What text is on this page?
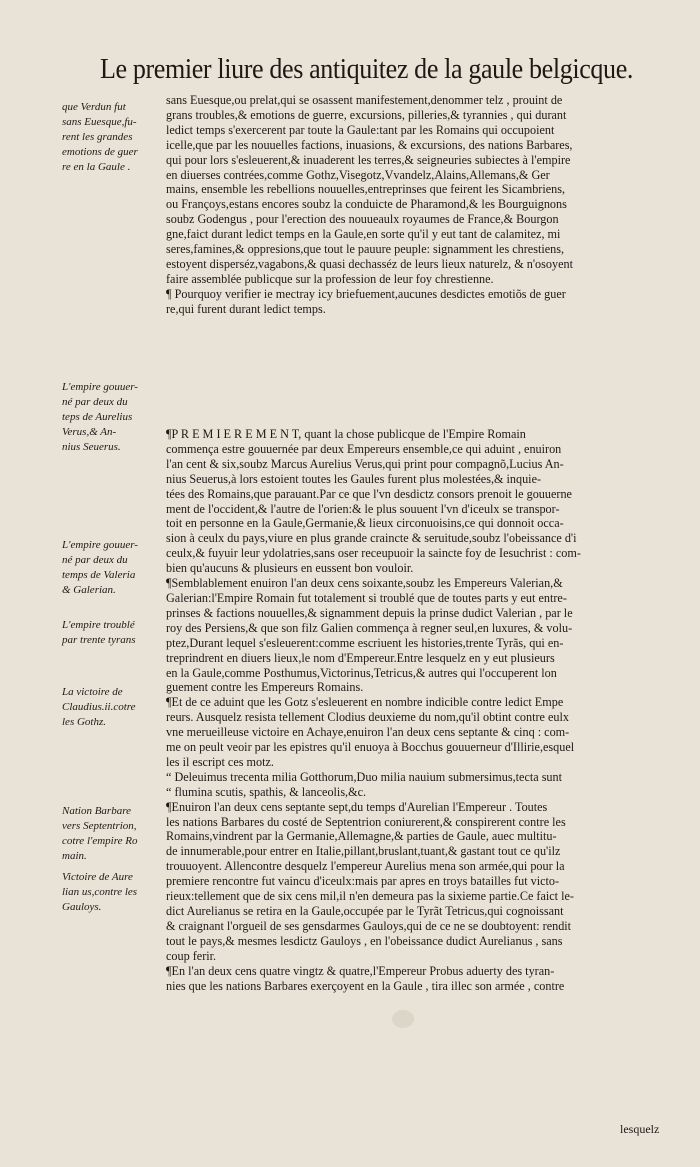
Le premier liure des antiquitez de la gaule belgicque.
que Verdun fut
sans Euesque,fu-
rent les grandes
emotions de guer
re en la Gaule .
L'empire gouuer-
né par deux du
teps de Aurelius
Verus,& An-
nius Seuerus.
L'empire gouuer-
né par deux du
temps de Valeria
& Galerian.
L'empire troublé
par trente tyrans
La victoire de
Claudius.ii.cotre
les Gothz.
Nation Barbare
vers Septentrion,
cotre l'empire Ro
main.
Victoire de Aure
lian us,contre les
Gauloys.
sans Euesque,ou prelat,qui se osassent manifestement,denommer telz , prouint de
grans troubles,& emotions de guerre, excursions, pilleries,& tyrannies , qui durant
ledict temps s'exercerent par toute la Gaule:tant par les Romains qui occupoient
icelle,que par les nouuelles factions, inuasions, & excursions, des nations Barbares,
qui pour lors s'esleuerent,& inuaderent les terres,& seigneuries subiectes à l'empire
en diuerses contrées,comme Gothz,Visegotz,Vvandelz,Alains,Allemans,& Ger
mains, ensemble les rebellions nouuelles,entreprinses que feirent les Sicambriens,
ou Françoys,estans encores soubz la conduicte de Pharamond,& les Bourguignons
soubz Godengus , pour l'erection des nouueaulx royaumes de France,& Bourgon
gne,faict durant ledict temps en la Gaule,en sorte qu'il y eut tant de calamitez, mi
seres,famines,& oppresions,que tout le pauure peuple: signamment les chrestiens,
estoyent disperséz,vagabons,& quasi dechasséz de leurs lieux naturelz, & n'osoyent
faire assemblée publicque sur la profession de leur foy chrestienne.
¶ Pourquoy verifier ie mectray icy briefuement,aucunes desdictes emotiõs de guer
re,qui furent durant ledict temps.
¶P R E M I E R E M E N T, quant la chose publicque de l'Empire Romain
commença estre gouuernée par deux Empereurs ensemble,ce qui aduint , enuiron
l'an cent & six,soubz Marcus Aurelius Verus,qui print pour compagnõ,Lucius An-
nius Seuerus,à lors estoient toutes les Gaules furent plus molestées,& inquie-
tées des Romains,que parauant.Par ce que l'vn desdictz consors prenoit le gouuerne
ment de l'occident,& l'autre de l'orien:& le plus souuent l'vn d'iceulx se transpor-
toit en personne en la Gaule,Germanie,& lieux circonuoisins,ce qui donnoit occa-
sion à ceulx du pays,viure en plus grande craincte & seruitude,soubz l'obeissance d'i
ceulx,& fuyuir leur ydolatries,sans oser receupuoir la saincte foy de Iesuchrist : com-
bien qu'aucuns & plusieurs en eussent bon vouloir.
¶Semblablement enuiron l'an deux cens soixante,soubz les Empereurs Valerian,&
Galerian:l'Empire Romain fut totalement si troublé que de toutes parts y eut entre-
prinses & factions nouuelles,& signamment depuis la prinse dudict Valerian , par le
roy des Persiens,& que son filz Galien commença à regner seul,en luxures, & volu-
ptez,Durant lequel s'esleuerent:comme escriuent les histories,trente Tyrãs, qui en-
treprindrent en diuers lieux,le nom d'Empereur.Entre lesquelz en y eut plusieurs
en la Gaule,comme Posthumus,Victorinus,Tetricus,& autres qui l'occuperent lon
guement contre les Empereurs Romains.
¶Et de ce aduint que les Gotz s'esleuerent en nombre indicible contre ledict Empe
reurs. Ausquelz resista tellement Clodius deuxieme du nom,qu'il obtint contre eulx
vne merueilleuse victoire en Achaye,enuiron l'an deux cens septante & cinq : com-
me on peult veoir par les epistres qu'il enuoya à Bocchus gouuerneur d'Illirie,esquel
les il escript ces motz.
“ Deleuimus trecenta milia Gotthorum,Duo milia nauium submersimus,tecta sunt
“ flumina scutis, spathis, & lanceolis,&c.
¶Enuiron l'an deux cens septante sept,du temps d'Aurelian l'Empereur . Toutes
les nations Barbares du costé de Septentrion coniurerent,& conspirerent contre les
Romains,vindrent par la Germanie,Allemagne,& parties de Gaule, auec multitu-
de innumerable,pour entrer en Italie,pillant,bruslant,tuant,& gastant tout ce qu'ilz
trouuoyent. Allencontre desquelz l'empereur Aurelius mena son armée,qui pour la
premiere rencontre fut vaincu d'iceulx:mais par apres en troys batailles fut victo-
rieux:tellement que de six cens mil,il n'en demeura pas la sixieme partie.Ce faict le-
dict Aurelianus se retira en la Gaule,occupée par le Tyrãt Tetricus,qui cognoissant
& craignant l'orgueil de ses gensdarmes Gauloys,qui de ce ne se doubtoyent: rendit
tout le pays,& mesmes lesdictz Gauloys , en l'obeissance dudict Aurelianus , sans
coup ferir.
¶En l'an deux cens quatre vingtz & quatre,l'Empereur Probus aduerty des tyran-
nies que les nations Barbares exerçoyent en la Gaule , tira illec son armée , contre
lesquelz
